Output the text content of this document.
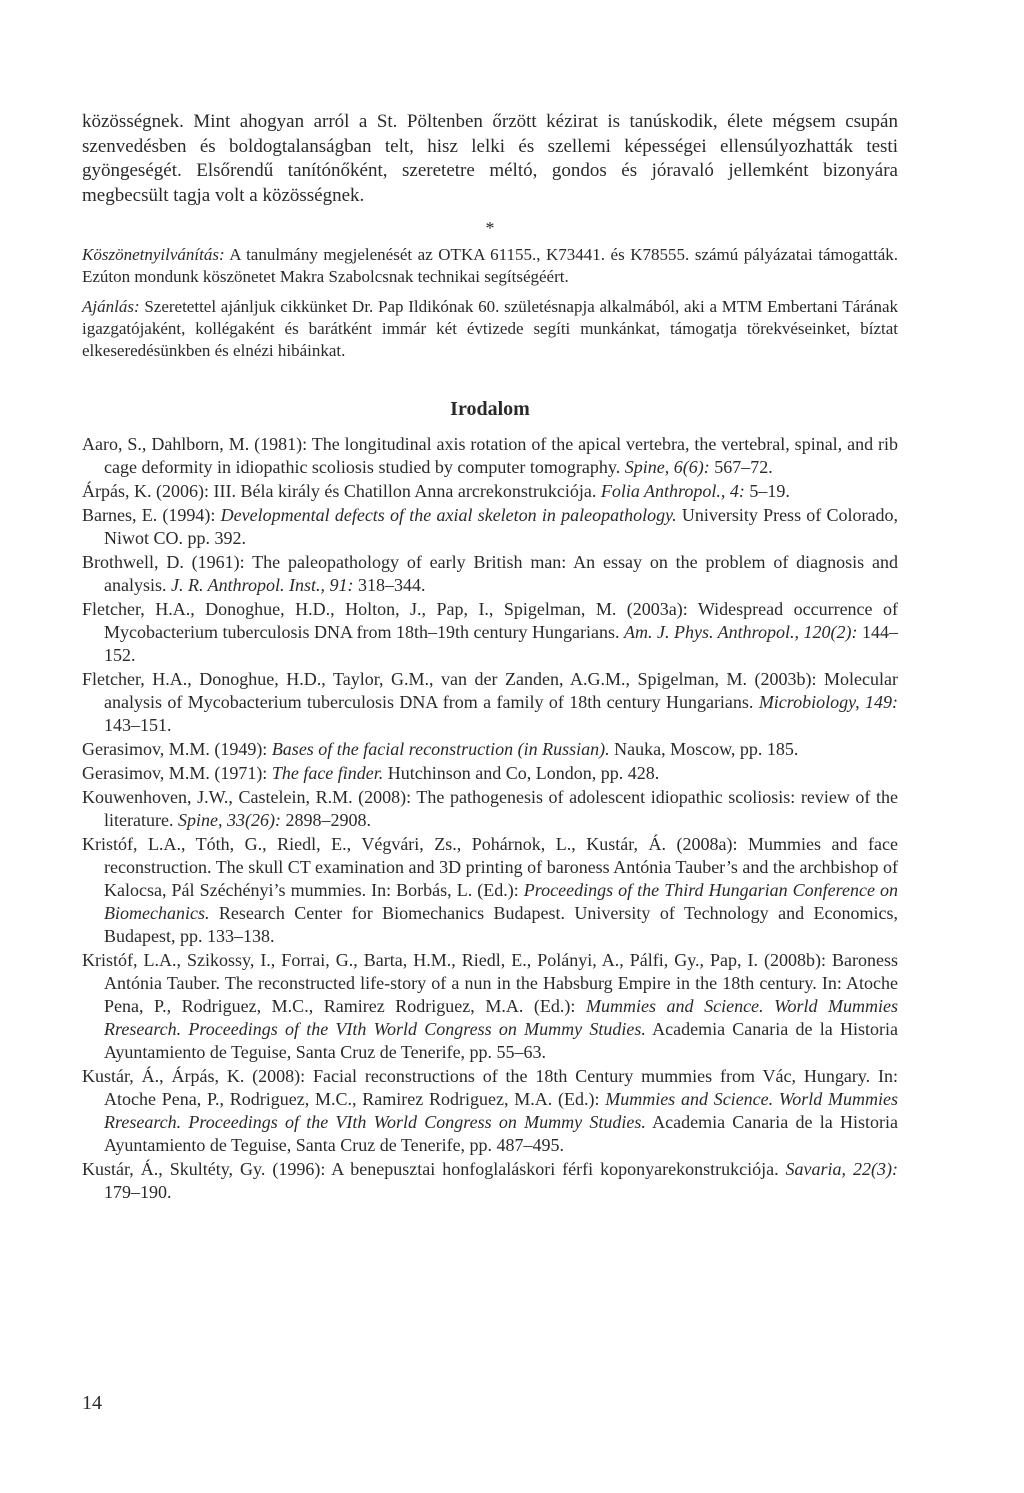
közösségnek. Mint ahogyan arról a St. Pöltenben őrzött kézirat is tanúskodik, élete mégsem csupán szenvedésben és boldogtalanságban telt, hisz lelki és szellemi képességei ellensúlyozhatták testi gyöngeségét. Elsőrendű tanítónőként, szeretetre méltó, gondos és jóravaló jellemként bizonyára megbecsült tagja volt a közösségnek.

*

Köszönetnyilvánítás: A tanulmány megjelenését az OTKA 61155., K73441. és K78555. számú pályázatai támogatták. Ezúton mondunk köszönetet Makra Szabolcsnak technikai segítségéért.

Ajánlás: Szeretettel ajánljuk cikkünket Dr. Pap Ildikónak 60. születésnapja alkalmából, aki a MTM Embertani Tárának igazgatójaként, kollégaként és barátként immár két évtizede segíti munkánkat, támogatja törekvéseinket, bíztat elkeseredésünkben és elnézi hibáinkat.

Irodalom

Aaro, S., Dahlborn, M. (1981): The longitudinal axis rotation of the apical vertebra, the vertebral, spinal, and rib cage deformity in idiopathic scoliosis studied by computer tomography. Spine, 6(6): 567–72.

Árpás, K. (2006): III. Béla király és Chatillon Anna arcrekonstrukciója. Folia Anthropol., 4: 5–19.

Barnes, E. (1994): Developmental defects of the axial skeleton in paleopathology. University Press of Colorado, Niwot CO. pp. 392.

Brothwell, D. (1961): The paleopathology of early British man: An essay on the problem of diagnosis and analysis. J. R. Anthropol. Inst., 91: 318–344.

Fletcher, H.A., Donoghue, H.D., Holton, J., Pap, I., Spigelman, M. (2003a): Widespread occurrence of Mycobacterium tuberculosis DNA from 18th–19th century Hungarians. Am. J. Phys. Anthropol., 120(2): 144–152.

Fletcher, H.A., Donoghue, H.D., Taylor, G.M., van der Zanden, A.G.M., Spigelman, M. (2003b): Molecular analysis of Mycobacterium tuberculosis DNA from a family of 18th century Hungarians. Microbiology, 149: 143–151.

Gerasimov, M.M. (1949): Bases of the facial reconstruction (in Russian). Nauka, Moscow, pp. 185.

Gerasimov, M.M. (1971): The face finder. Hutchinson and Co, London, pp. 428.

Kouwenhoven, J.W., Castelein, R.M. (2008): The pathogenesis of adolescent idiopathic scoliosis: review of the literature. Spine, 33(26): 2898–2908.

Kristóf, L.A., Tóth, G., Riedl, E., Végvári, Zs., Pohárnok, L., Kustár, Á. (2008a): Mummies and face reconstruction. The skull CT examination and 3D printing of baroness Antónia Tauber’s and the archbishop of Kalocsa, Pál Széchényi’s mummies. In: Borbás, L. (Ed.): Proceedings of the Third Hungarian Conference on Biomechanics. Research Center for Biomechanics Budapest. University of Technology and Economics, Budapest, pp. 133–138.

Kristóf, L.A., Szikossy, I., Forrai, G., Barta, H.M., Riedl, E., Polányi, A., Pálfi, Gy., Pap, I. (2008b): Baroness Antónia Tauber. The reconstructed life-story of a nun in the Habsburg Empire in the 18th century. In: Atoche Pena, P., Rodriguez, M.C., Ramirez Rodriguez, M.A. (Ed.): Mummies and Science. World Mummies Rresearch. Proceedings of the VIth World Congress on Mummy Studies. Academia Canaria de la Historia Ayuntamiento de Teguise, Santa Cruz de Tenerife, pp. 55–63.

Kustár, Á., Árpás, K. (2008): Facial reconstructions of the 18th Century mummies from Vác, Hungary. In: Atoche Pena, P., Rodriguez, M.C., Ramirez Rodriguez, M.A. (Ed.): Mummies and Science. World Mummies Rresearch. Proceedings of the VIth World Congress on Mummy Studies. Academia Canaria de la Historia Ayuntamiento de Teguise, Santa Cruz de Tenerife, pp. 487–495.

Kustár, Á., Skultéty, Gy. (1996): A benepusztai honfoglaláskori férfi koponyarekonstrukciója. Savaria, 22(3): 179–190.

14
